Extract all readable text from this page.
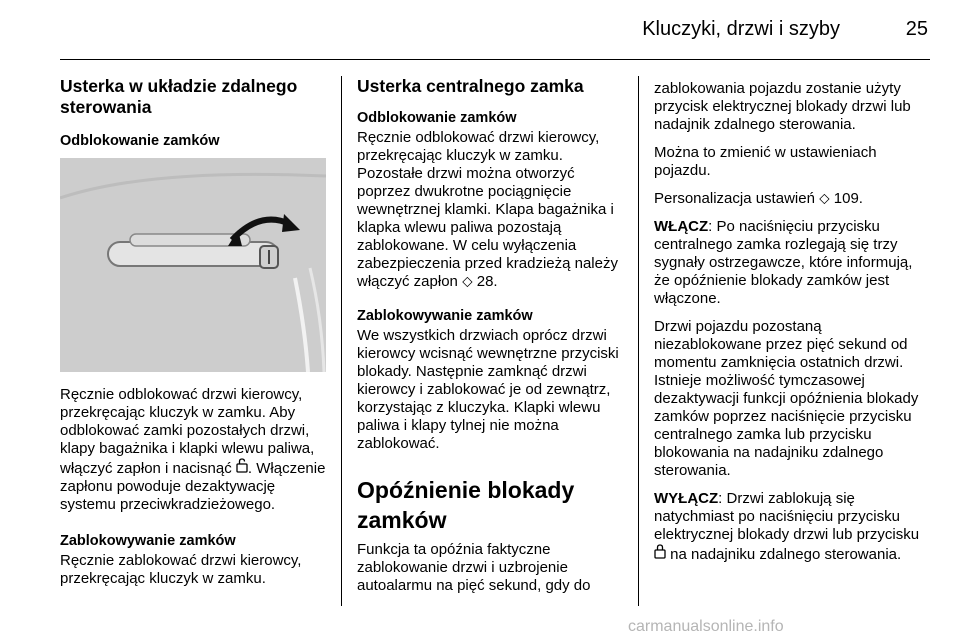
Kluczyki, drzwi i szyby	25
Usterka w układzie zdalnego sterowania
Odblokowanie zamków

Ręcznie odblokować drzwi kierowcy, przekręcając kluczyk w zamku. Aby odblokować zamki pozostałych drzwi, klapy bagażnika i klapki wlewu paliwa, włączyć zapłon i nacisnąć . Włączenie zapłonu powoduje dezaktywację systemu przeciwkradzieżowego.

Zablokowywanie zamków

Ręcznie zablokować drzwi kierowcy, przekręcając kluczyk w zamku.

Usterka centralnego zamka
Odblokowanie zamków

Ręcznie odblokować drzwi kierowcy, przekręcając kluczyk w zamku. Pozostałe drzwi można otworzyć poprzez dwukrotne pociągnięcie wewnętrznej klamki. Klapa bagażnika i klapka wlewu paliwa pozostają zablokowane. W celu wyłączenia zabezpieczenia przed kradzieżą należy włączyć zapłon ⬦ 28.

Zablokowywanie zamków

We wszystkich drzwiach oprócz drzwi kierowcy wcisnąć wewnętrzne przyciski blokady. Następnie zamknąć drzwi kierowcy i zablokować je od zewnątrz, korzystając z kluczyka. Klapki wlewu paliwa i klapy tylnej nie można zablokować.

Opóźnienie blokady zamków

Funkcja ta opóźnia faktyczne zablokowanie drzwi i uzbrojenie autoalarmu na pięć sekund, gdy do

zablokowania pojazdu zostanie użyty przycisk elektrycznej blokady drzwi lub nadajnik zdalnego sterowania.

Można to zmienić w ustawieniach pojazdu.

Personalizacja ustawień ⬦ 109.

WŁĄCZ: Po naciśnięciu przycisku centralnego zamka rozlegają się trzy sygnały ostrzegawcze, które informują, że opóźnienie blokady zamków jest włączone.

Drzwi pojazdu pozostaną niezablokowane przez pięć sekund od momentu zamknięcia ostatnich drzwi. Istnieje możliwość tymczasowej dezaktywacji funkcji opóźnienia blokady zamków poprzez naciśnięcie przycisku centralnego zamka lub przycisku blokowania na nadajniku zdalnego sterowania.

WYŁĄCZ: Drzwi zablokują się natychmiast po naciśnięciu przycisku elektrycznej blokady drzwi lub przycisku  na nadajniku zdalnego sterowania.

carmanualsonline.info
